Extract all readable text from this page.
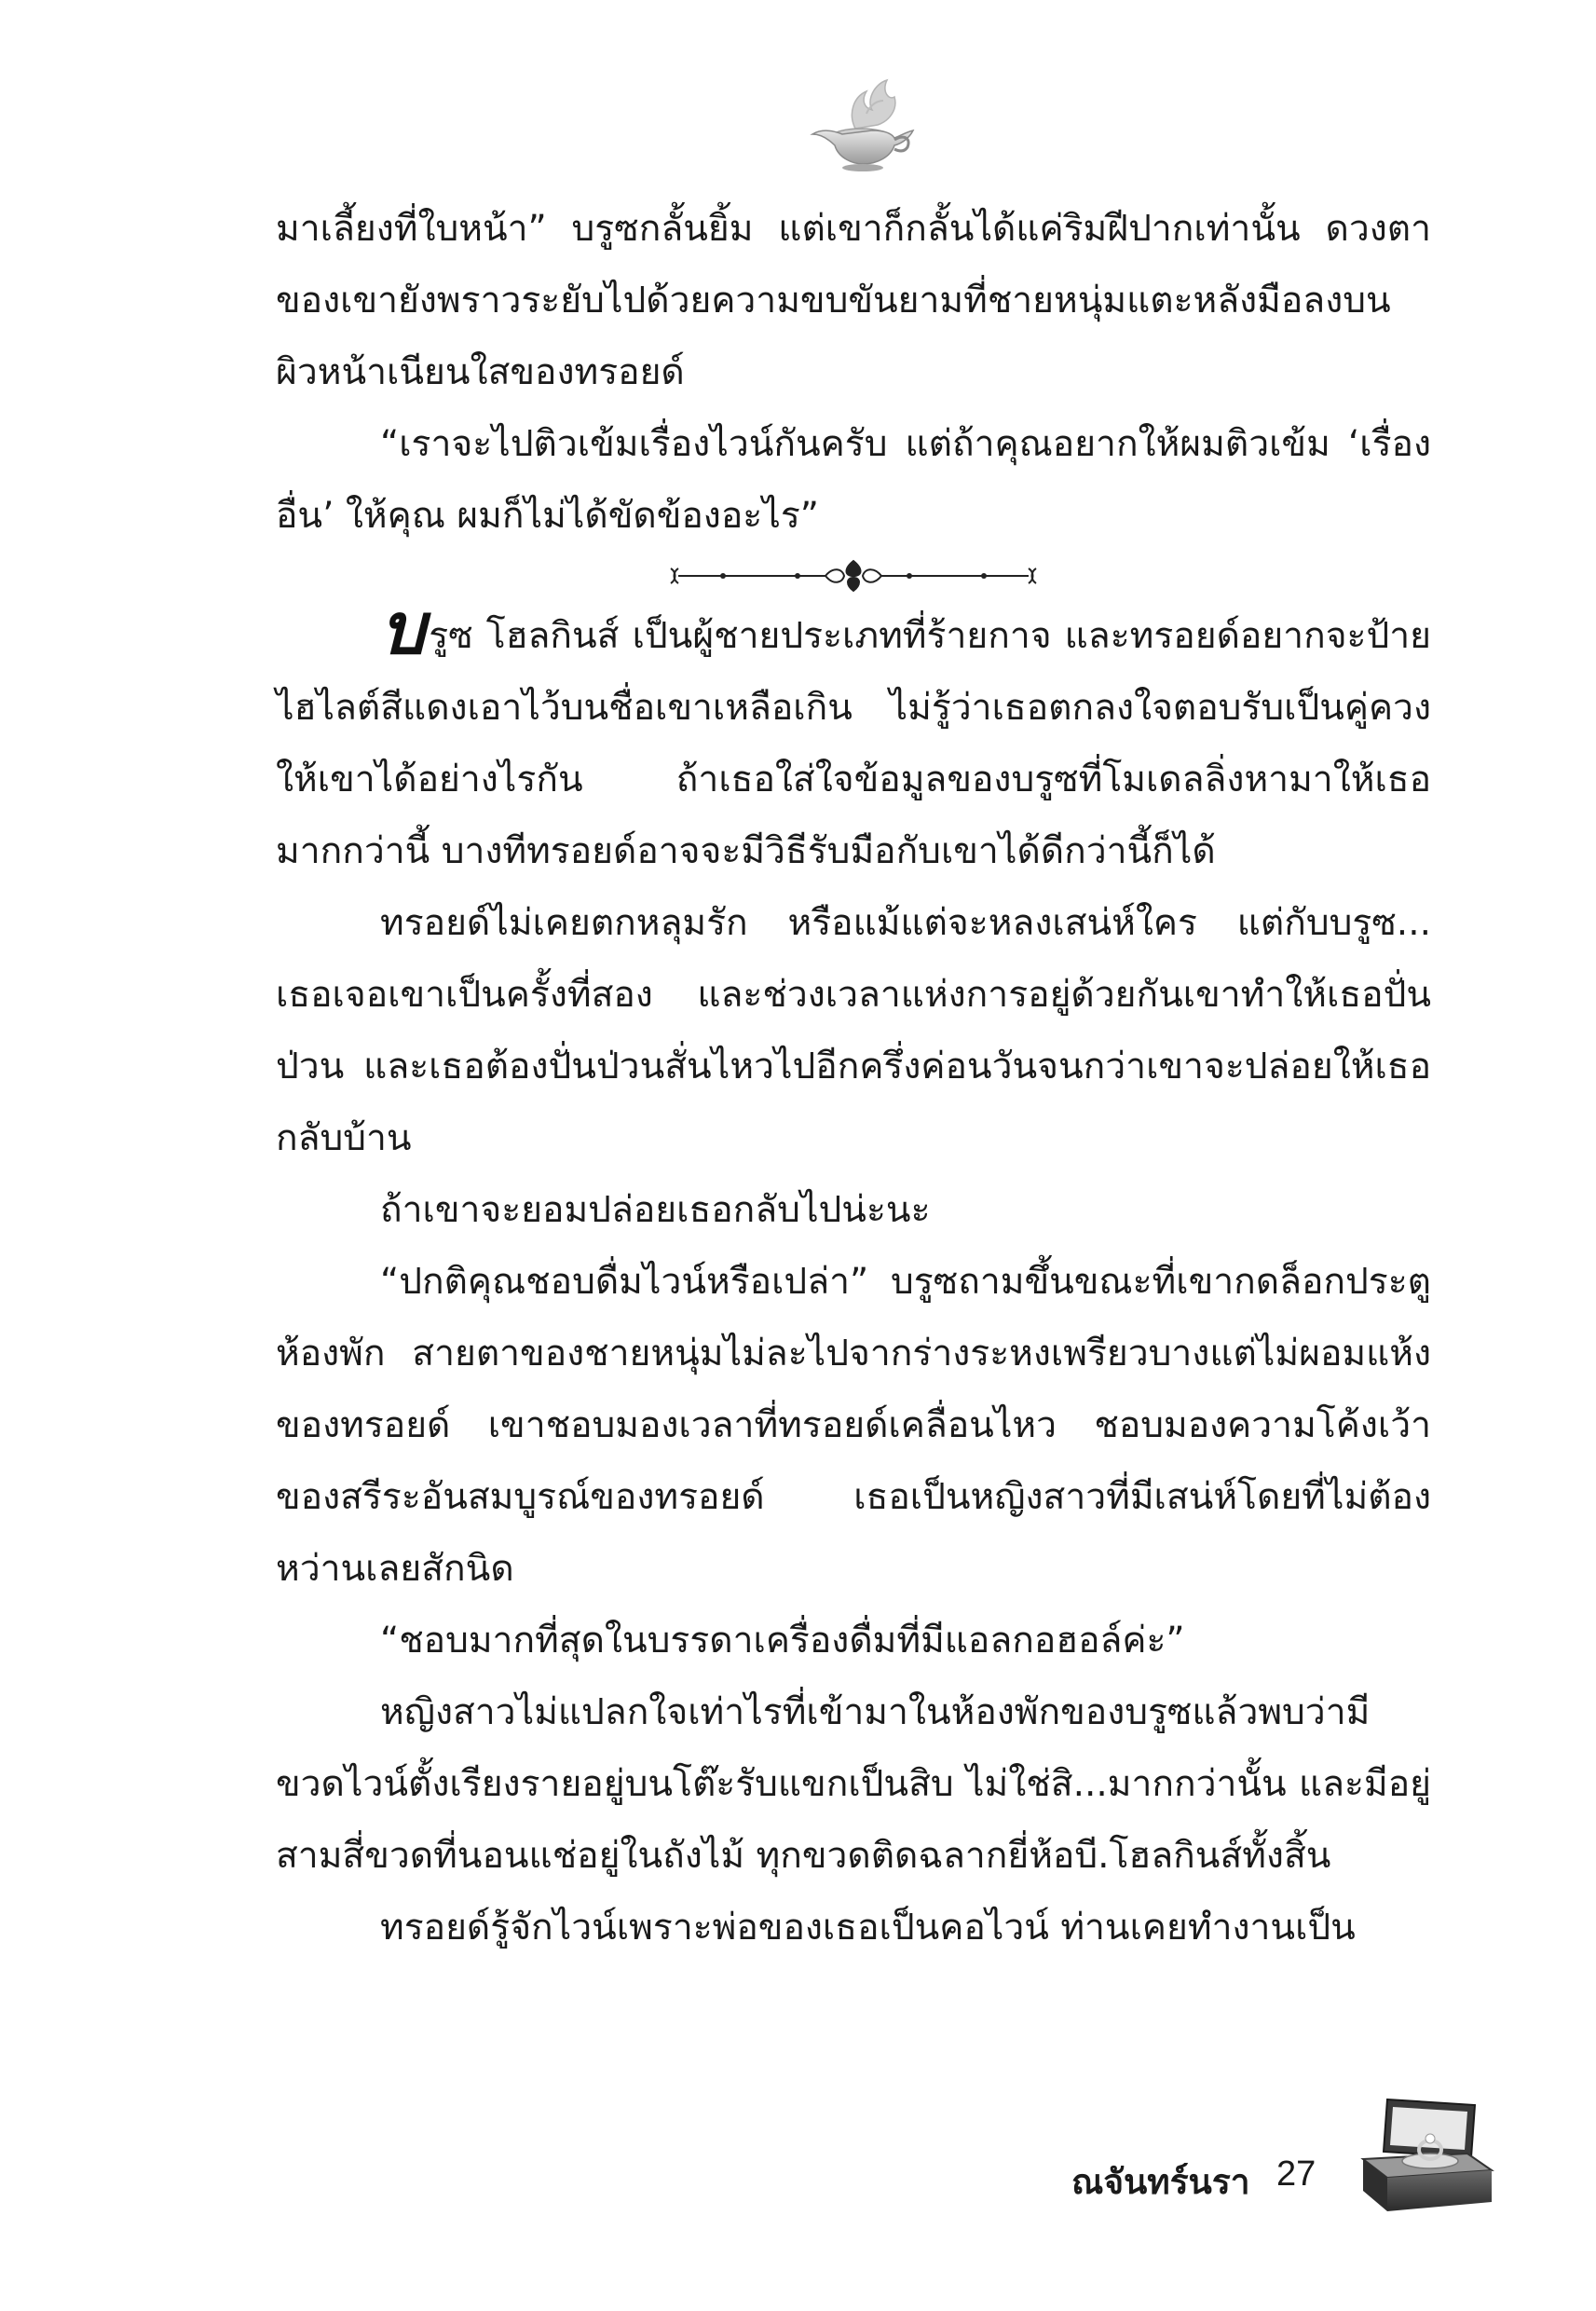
มาเลี้ยงที่ใบหน้า” บรูซกลั้นยิ้ม แต่เขาก็กลั้นได้แค่ริมฝีปากเท่านั้น ดวงตาของเขายังพราวระยับไปด้วยความขบขันยามที่ชายหนุ่มแตะหลังมือลงบนผิวหน้าเนียนใสของทรอยด์

“เราจะไปติวเข้มเรื่องไวน์กันครับ แต่ถ้าคุณอยากให้ผมติวเข้ม ‘เรื่องอื่น’ ให้คุณ ผมก็ไม่ได้ขัดข้องอะไร”

บรูซ โฮลกินส์ เป็นผู้ชายประเภทที่ร้ายกาจ และทรอยด์อยากจะป้ายไฮไลต์สีแดงเอาไว้บนชื่อเขาเหลือเกิน ไม่รู้ว่าเธอตกลงใจตอบรับเป็นคู่ควงให้เขาได้อย่างไรกัน ถ้าเธอใส่ใจข้อมูลของบรูซที่โมเดลลิ่งหามาให้เธอมากกว่านี้ บางทีทรอยด์อาจจะมีวิธีรับมือกับเขาได้ดีกว่านี้ก็ได้

ทรอยด์ไม่เคยตกหลุมรัก หรือแม้แต่จะหลงเสน่ห์ใคร แต่กับบรูซ... เธอเจอเขาเป็นครั้งที่สอง และช่วงเวลาแห่งการอยู่ด้วยกันเขาทำให้เธอปั่นป่วน และเธอต้องปั่นป่วนสั่นไหวไปอีกครึ่งค่อนวันจนกว่าเขาจะปล่อยให้เธอกลับบ้าน

ถ้าเขาจะยอมปล่อยเธอกลับไปน่ะนะ

“ปกติคุณชอบดื่มไวน์หรือเปล่า” บรูซถามขึ้นขณะที่เขากดล็อกประตูห้องพัก สายตาของชายหนุ่มไม่ละไปจากร่างระหงเพรียวบางแต่ไม่ผอมแห้งของทรอยด์ เขาชอบมองเวลาที่ทรอยด์เคลื่อนไหว ชอบมองความโค้งเว้าของสรีระอันสมบูรณ์ของทรอยด์ เธอเป็นหญิงสาวที่มีเสน่ห์โดยที่ไม่ต้องหว่านเลยสักนิด

“ชอบมากที่สุดในบรรดาเครื่องดื่มที่มีแอลกอฮอล์ค่ะ”

หญิงสาวไม่แปลกใจเท่าไรที่เข้ามาในห้องพักของบรูซแล้วพบว่ามีขวดไวน์ตั้งเรียงรายอยู่บนโต๊ะรับแขกเป็นสิบ ไม่ใช่สิ...มากกว่านั้น และมีอยู่สามสี่ขวดที่นอนแช่อยู่ในถังไม้ ทุกขวดติดฉลากยี่ห้อบี.โฮลกินส์ทั้งสิ้น

ทรอยด์รู้จักไวน์เพราะพ่อของเธอเป็นคอไวน์ ท่านเคยทำงานเป็น

ณจันทร์นรา 27
